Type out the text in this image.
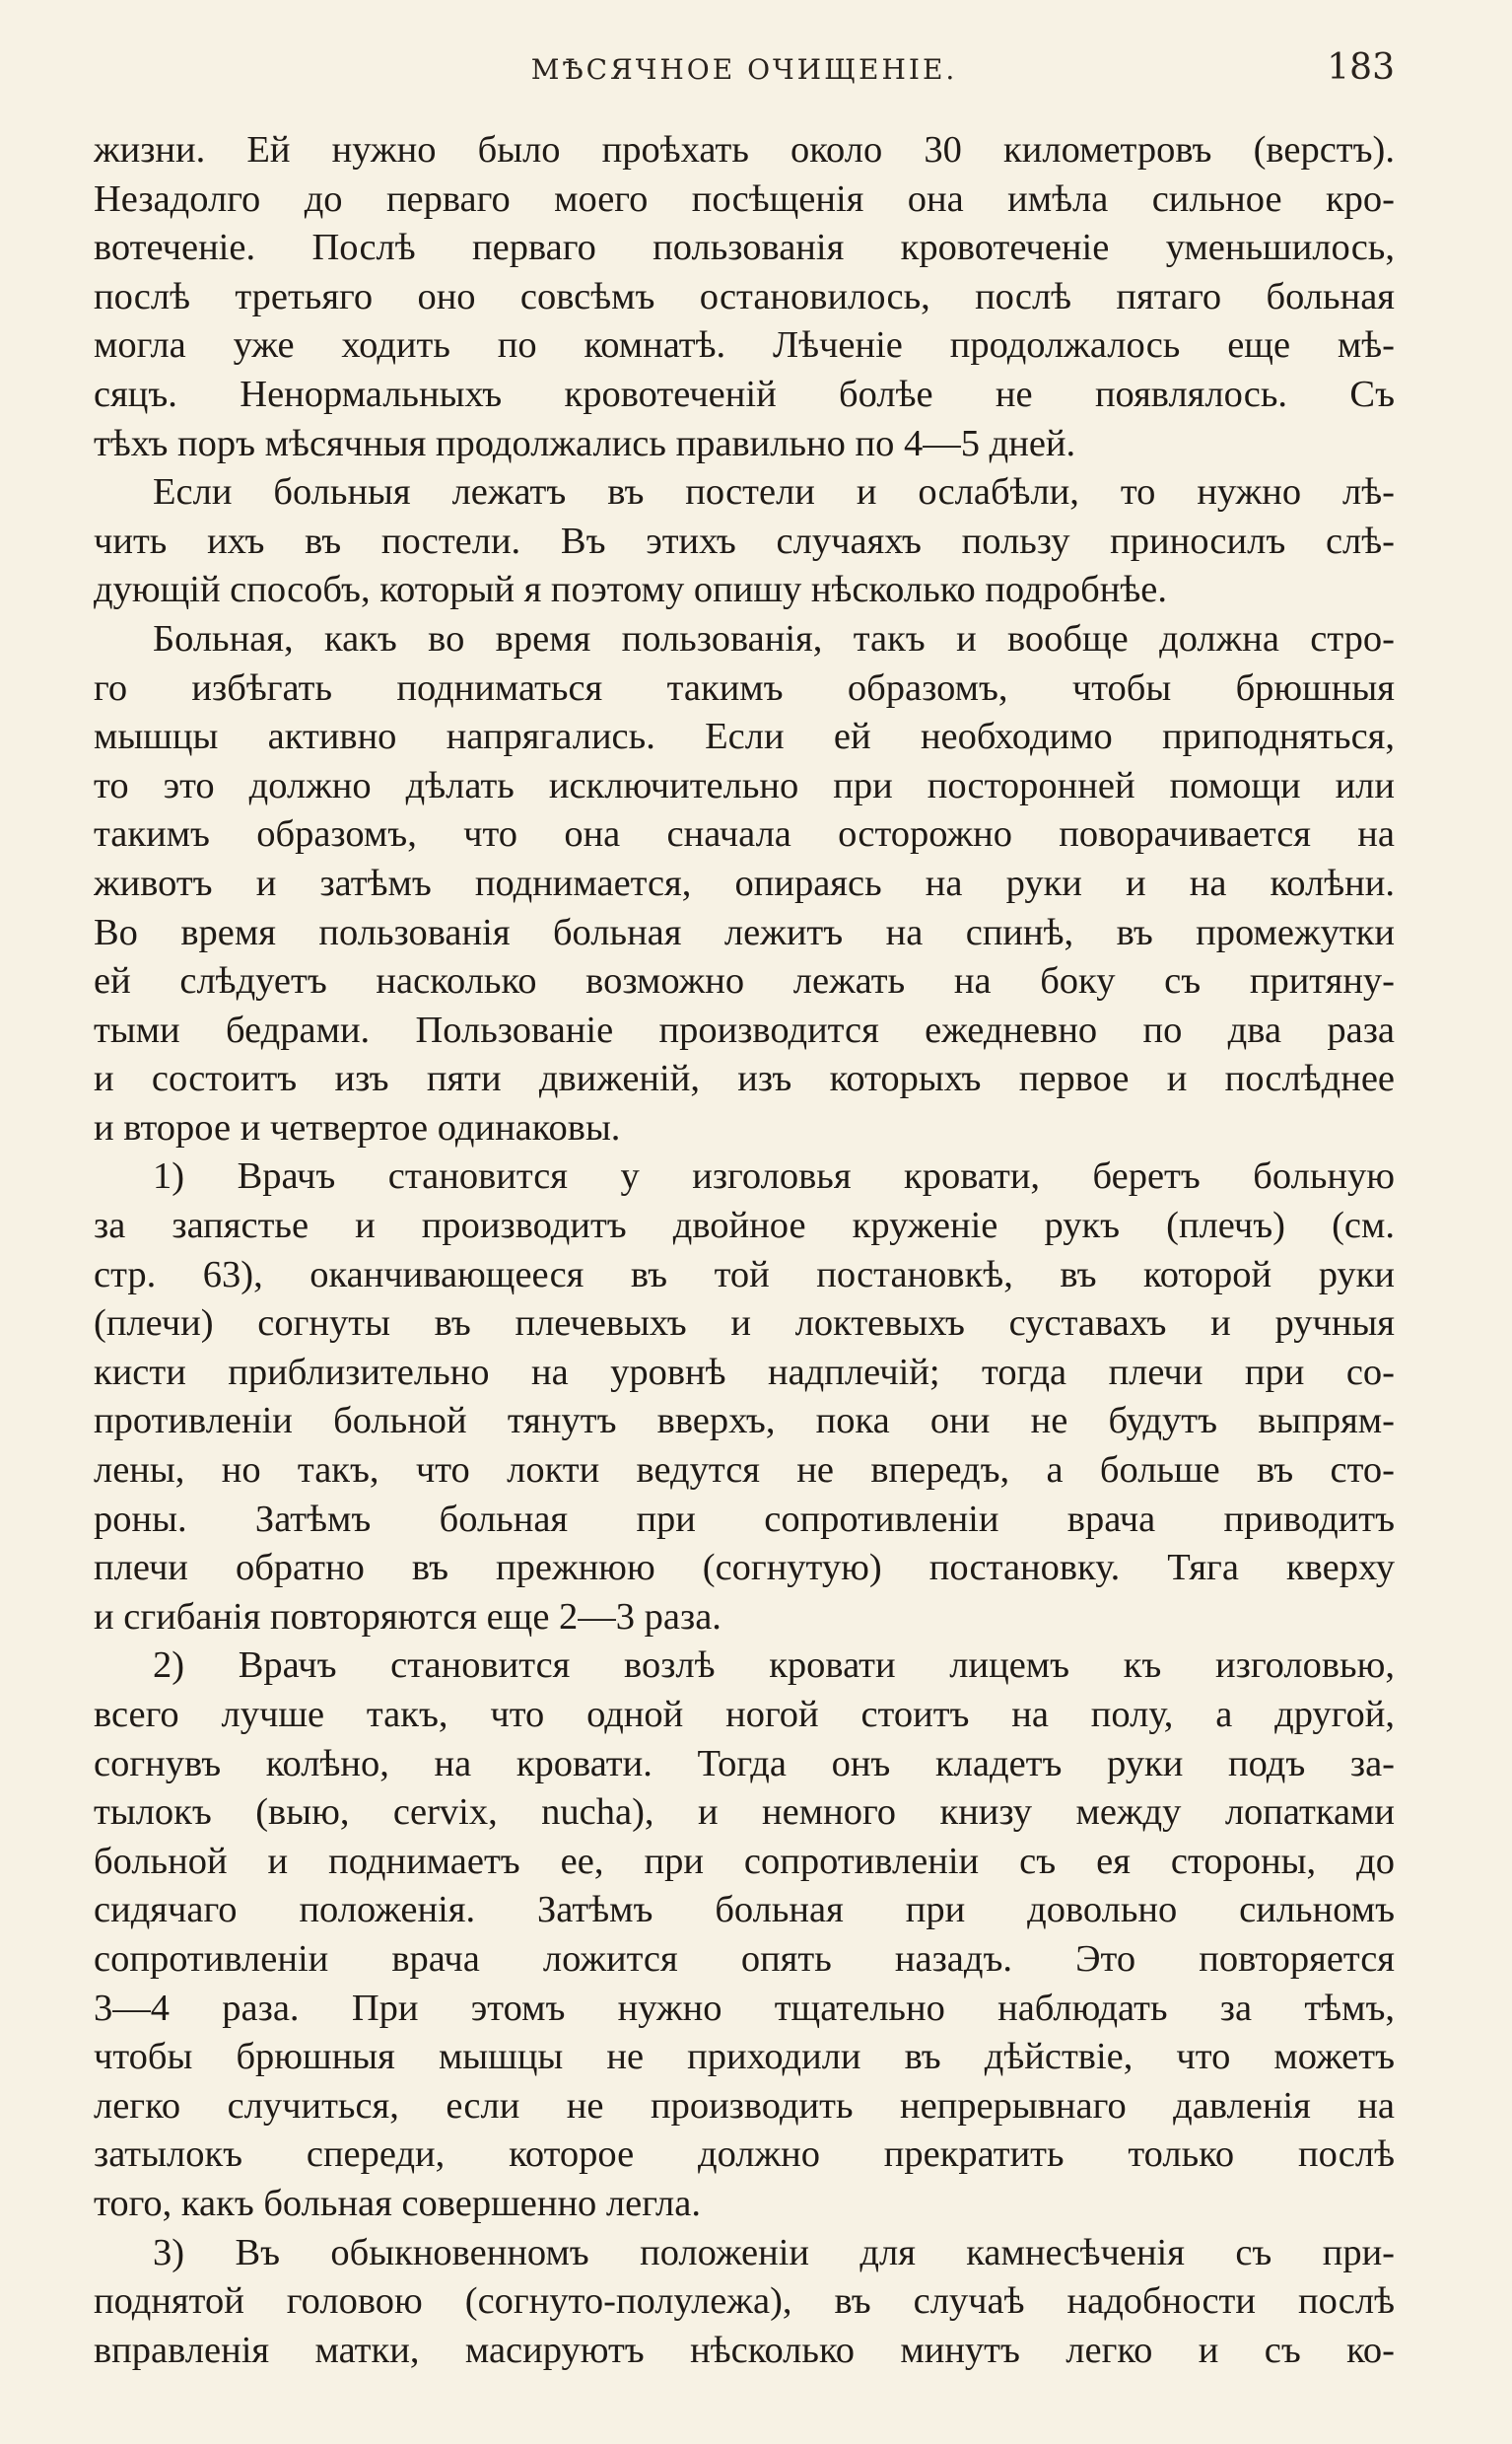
МѢСЯЧНОЕ ОЧИЩЕНІЕ.	183
жизни. Ей нужно было проѣхать около 30 километровъ (верстъ).
Незадолго до перваго моего посѣщенія она имѣла сильное кро-
вотеченіе. Послѣ перваго пользованія кровотеченіе уменьшилось,
послѣ третьяго оно совсѣмъ остановилось, послѣ пятаго больная
могла уже ходить по комнатѣ. Лѣченіе продолжалось еще мѣ-
сяцъ. Ненормальныхъ кровотеченій болѣе не появлялось. Съ
тѣхъ поръ мѣсячныя продолжались правильно по 4—5 дней.
Если больныя лежатъ въ постели и ослабѣли, то нужно лѣ-
чить ихъ въ постели. Въ этихъ случаяхъ пользу приносилъ слѣ-
дующій способъ, который я поэтому опишу нѣсколько подробнѣе.
Больная, какъ во время пользованія, такъ и вообще должна стро-
го избѣгать подниматься такимъ образомъ, чтобы брюшныя
мышцы активно напрягались. Если ей необходимо приподняться,
то это должно дѣлать исключительно при посторонней помощи или
такимъ образомъ, что она сначала осторожно поворачивается на
животъ и затѣмъ поднимается, опираясь на руки и на колѣни.
Во время пользованія больная лежитъ на спинѣ, въ промежутки
ей слѣдуетъ насколько возможно лежать на боку съ притяну-
тыми бедрами. Пользованіе производится ежедневно по два раза
и состоитъ изъ пяти движеній, изъ которыхъ первое и послѣднее
и второе и четвертое одинаковы.
1) Врачъ становится у изголовья кровати, беретъ больную
за запястье и производитъ двойное круженіе рукъ (плечъ) (см.
стр. 63), оканчивающееся въ той постановкѣ, въ которой руки
(плечи) согнуты въ плечевыхъ и локтевыхъ суставахъ и ручныя
кисти приблизительно на уровнѣ надплечій; тогда плечи при со-
противленіи больной тянутъ вверхъ, пока они не будутъ выпрям-
лены, но такъ, что локти ведутся не впередъ, а больше въ сто-
роны. Затѣмъ больная при сопротивленіи врача приводитъ
плечи обратно въ прежнюю (согнутую) постановку. Тяга кверху
и сгибанія повторяются еще 2—3 раза.
2) Врачъ становится возлѣ кровати лицемъ къ изголовью,
всего лучше такъ, что одной ногой стоитъ на полу, а другой,
согнувъ колѣно, на кровати. Тогда онъ кладетъ руки подъ за-
тылокъ (выю, cervix, nucha), и немного книзу между лопатками
больной и поднимаетъ ее, при сопротивленіи съ ея стороны, до
сидячаго положенія. Затѣмъ больная при довольно сильномъ
сопротивленіи врача ложится опять назадъ. Это повторяется
3—4 раза. При этомъ нужно тщательно наблюдать за тѣмъ,
чтобы брюшныя мышцы не приходили въ дѣйствіе, что можетъ
легко случиться, если не производить непрерывнаго давленія на
затылокъ спереди, которое должно прекратить только послѣ
того, какъ больная совершенно легла.
3) Въ обыкновенномъ положеніи для камнесѣченія съ при-
поднятой головою (согнуто-полулежа), въ случаѣ надобности послѣ
вправленія матки, масируютъ нѣсколько минутъ легко и съ ко-
